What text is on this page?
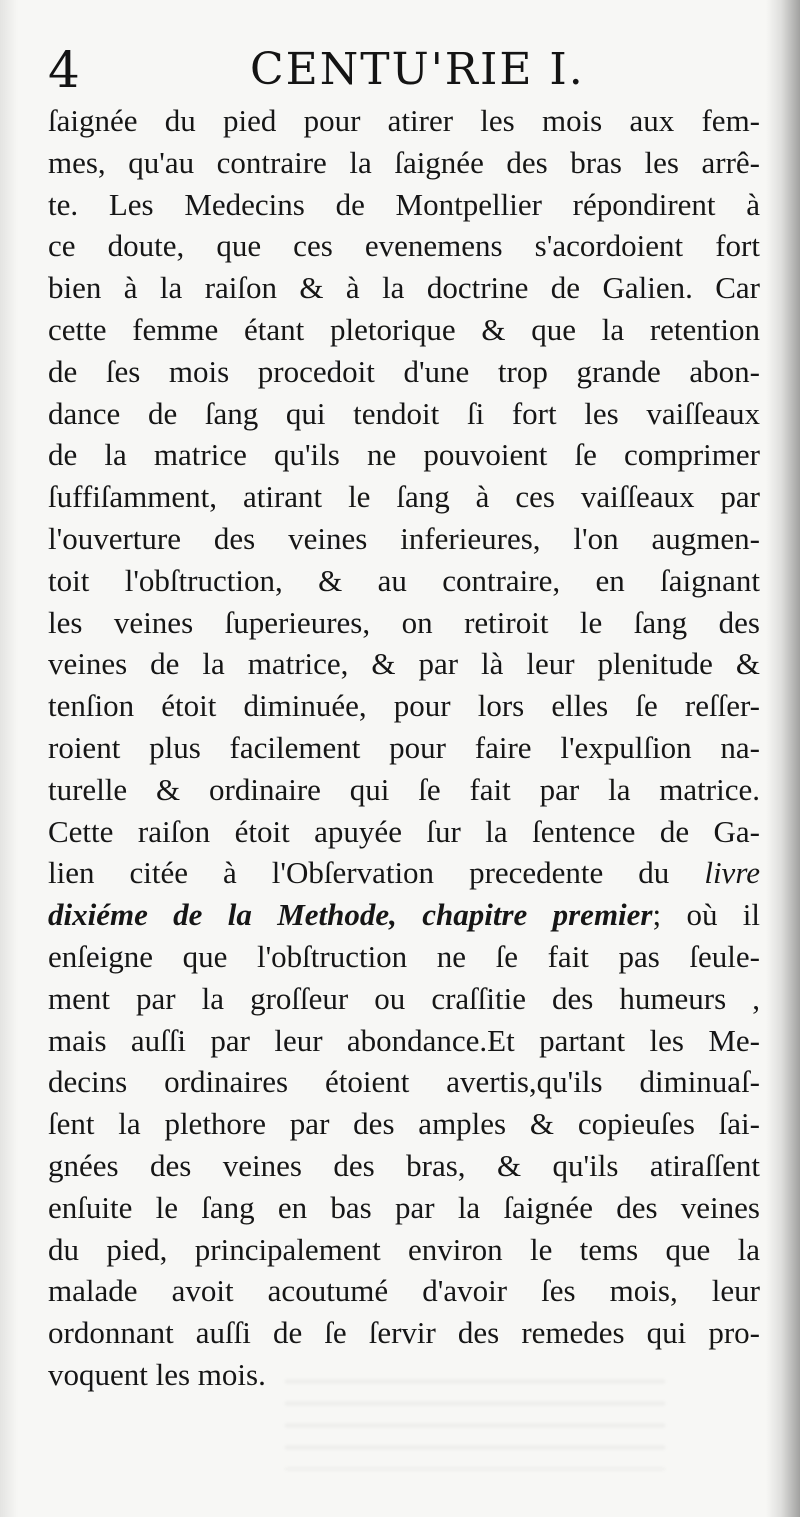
4	CENTU'RIE I.
ſaignée du pied pour atirer les mois aux fem-
mes, qu'au contraire la ſaignée des bras les arrê-
te. Les Medecins de Montpellier répondirent à
ce doute, que ces evenemens s'acordoient fort
bien à la raiſon & à la doctrine de Galien. Car
cette femme étant pletorique & que la retention
de ſes mois procedoit d'une trop grande abon-
dance de ſang qui tendoit ſi fort les vaiſſeaux
de la matrice qu'ils ne pouvoient ſe comprimer
ſuffiſamment, atirant le ſang à ces vaiſſeaux par
l'ouverture des veines inferieures, l'on augmen-
toit l'obſtruction, & au contraire, en ſaignant
les veines ſuperieures, on retiroit le ſang des
veines de la matrice, & par là leur plenitude &
tenſion étoit diminuée, pour lors elles ſe reſſer-
roient plus facilement pour faire l'expulſion na-
turelle & ordinaire qui ſe fait par la matrice.
Cette raiſon étoit apuyée ſur la ſentence de Ga-
lien citée à l'Obſervation precedente du livre
dixiéme de la Methode, chapitre premier; où il
enſeigne que l'obſtruction ne ſe fait pas ſeule-
ment par la groſſeur ou craſſitie des humeurs ,
mais auſſi par leur abondance.Et partant les Me-
decins ordinaires étoient avertis,qu'ils diminuaſ-
ſent la plethore par des amples & copieuſes ſai-
gnées des veines des bras, & qu'ils atiraſſent
enſuite le ſang en bas par la ſaignée des veines
du pied, principalement environ le tems que la
malade avoit acoutumé d'avoir ſes mois, leur
ordonnant auſſi de ſe ſervir des remedes qui pro-
voquent les mois.
